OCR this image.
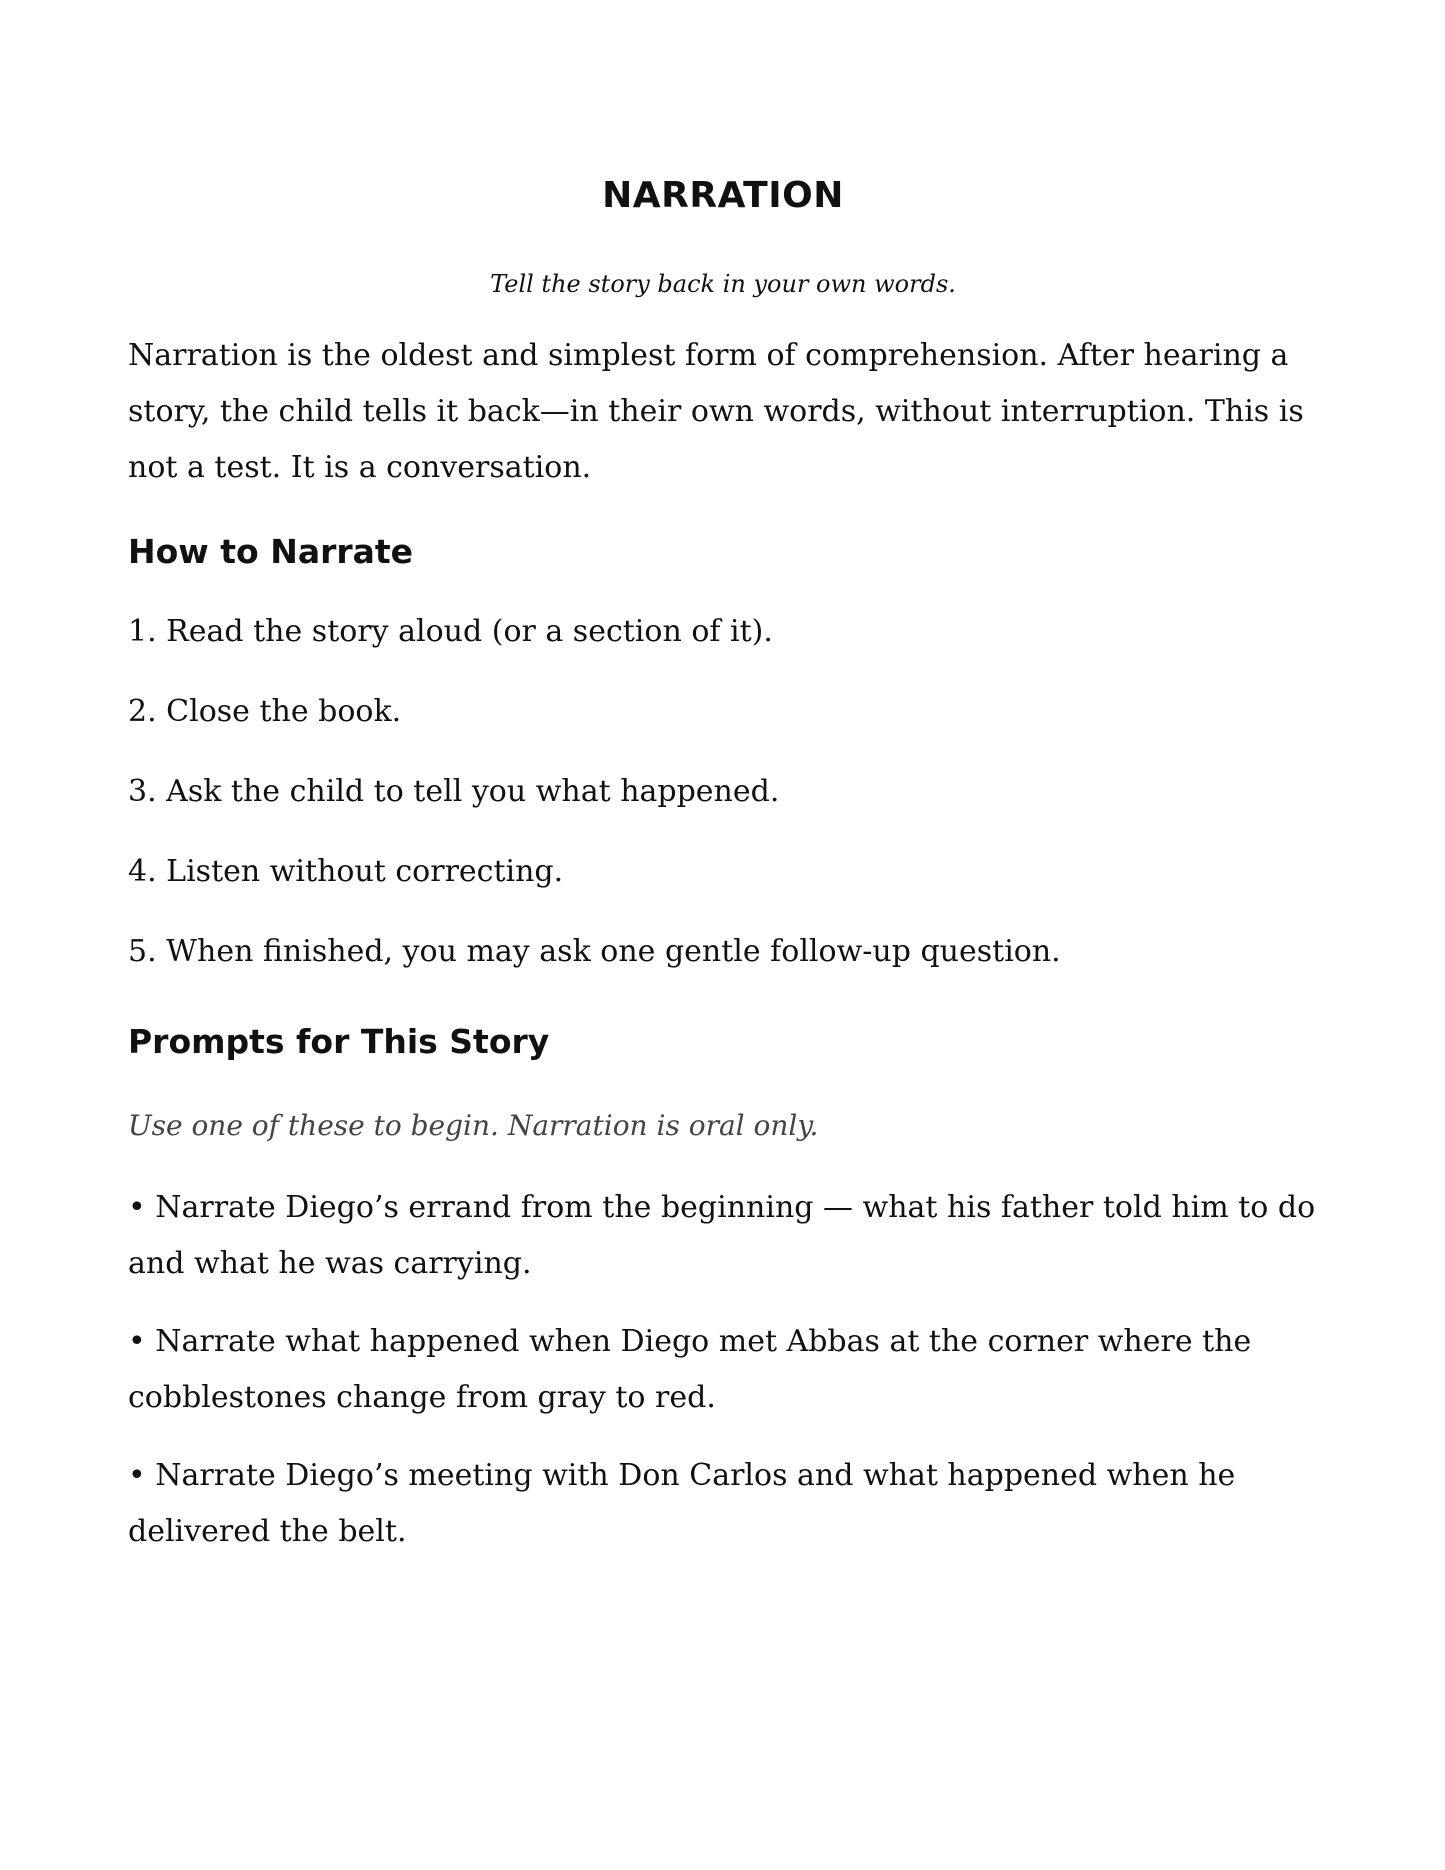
NARRATION

Tell the story back in your own words.

Narration is the oldest and simplest form of comprehension. After hearing a story, the child tells it back—in their own words, without interruption. This is not a test. It is a conversation.

How to Narrate
1. Read the story aloud (or a section of it).
2. Close the book.
3. Ask the child to tell you what happened.
4. Listen without correcting.
5. When finished, you may ask one gentle follow-up question.
Prompts for This Story

Use one of these to begin. Narration is oral only.

• Narrate Diego’s errand from the beginning — what his father told him to do and what he was carrying.
• Narrate what happened when Diego met Abbas at the corner where the cobblestones change from gray to red.
• Narrate Diego’s meeting with Don Carlos and what happened when he delivered the belt.
